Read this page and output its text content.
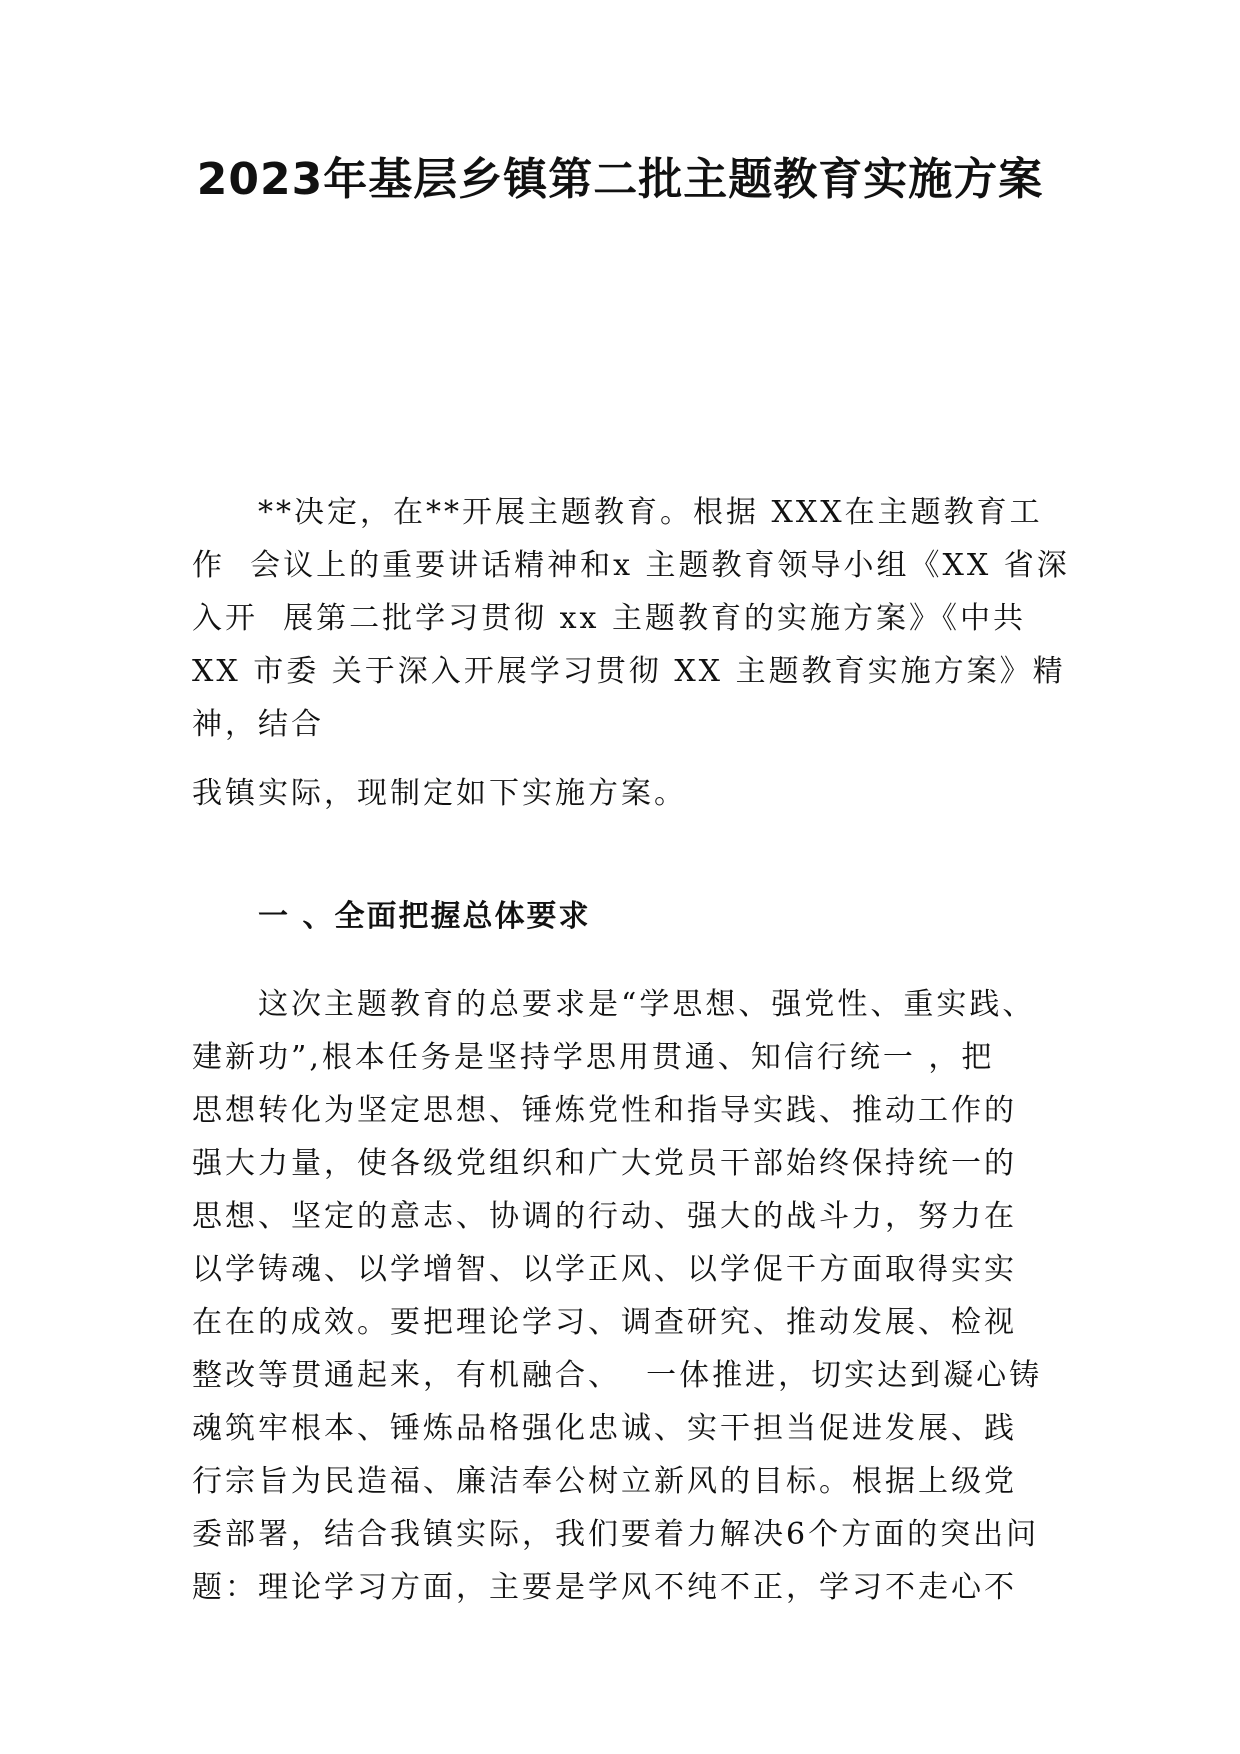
2023年基层乡镇第二批主题教育实施方案

**决定，在**开展主题教育。根据 XXX在主题教育工

作  会议上的重要讲话精神和x 主题教育领导小组《XX 省深

入开  展第二批学习贯彻 xx 主题教育的实施方案》《中共

XX 市委 关于深入开展学习贯彻 XX 主题教育实施方案》精

神，结合

我镇实际，现制定如下实施方案。

一 、全面把握总体要求

这次主题教育的总要求是“学思想、强党性、重实践、

建新功”,根本任务是坚持学思用贯通、知信行统一 ，把

思想转化为坚定思想、锤炼党性和指导实践、推动工作的

强大力量，使各级党组织和广大党员干部始终保持统一的

思想、坚定的意志、协调的行动、强大的战斗力，努力在

以学铸魂、以学增智、以学正风、以学促干方面取得实实

在在的成效。要把理论学习、调查研究、推动发展、检视

整改等贯通起来，有机融合、  一体推进，切实达到凝心铸

魂筑牢根本、锤炼品格强化忠诚、实干担当促进发展、践

行宗旨为民造福、廉洁奉公树立新风的目标。根据上级党

委部署，结合我镇实际，我们要着力解决6个方面的突出问

题：理论学习方面，主要是学风不纯不正，学习不走心不
